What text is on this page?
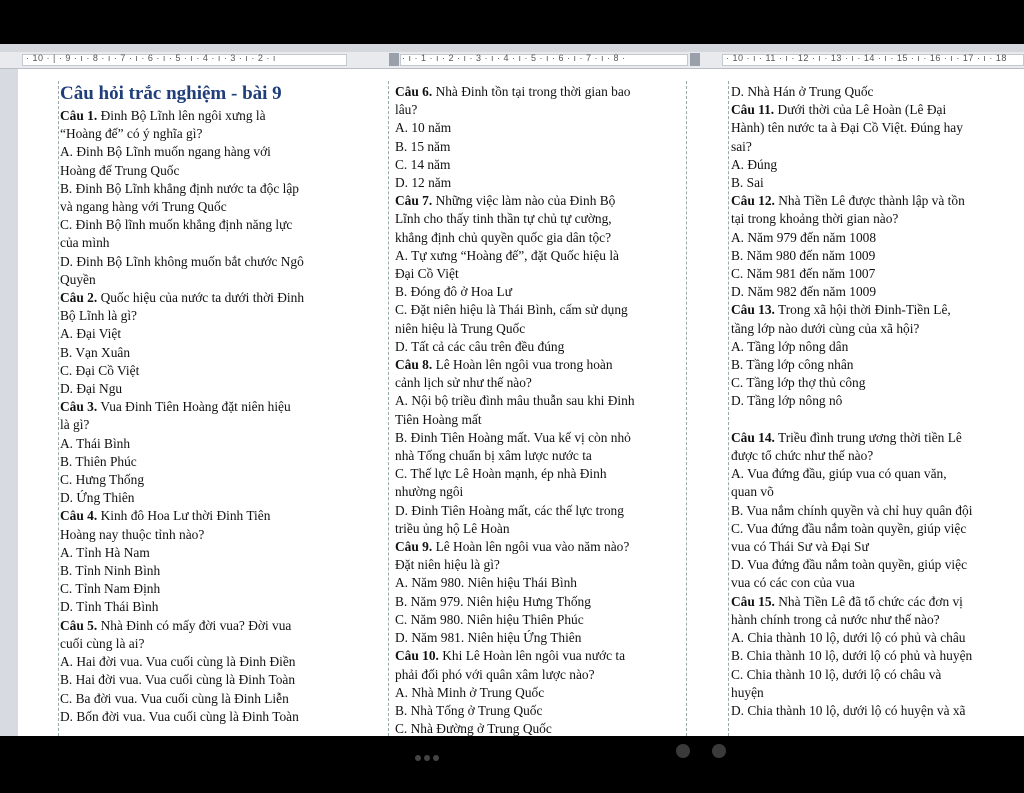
· 10 · | · 9 · ı · 8 · ı · 7 · ı · 6 · ı · 5 · ı · 4 · ı · 3 · ı · 2 · ı	· ı · 1 · ı · 2 · ı · 3 · ı · 4 · ı · 5 · ı · 6 · ı · 7 · ı · 8 ·	· 10 · ı · 11 · ı · 12 · ı · 13 · ı · 14 · ı · 15 · ı · 16 · ı · 17 · ı · 18

Câu hỏi trắc nghiệm - bài 9

Câu 1. Đinh Bộ Lĩnh lên ngôi xưng là

“Hoàng đế” có ý nghĩa gì?

A. Đinh Bộ Lĩnh muốn ngang hàng với

Hoàng đế Trung Quốc

B. Đinh Bộ Lĩnh khẳng định nước ta độc lập

và ngang hàng với Trung Quốc

C. Đinh Bộ lĩnh muốn khẳng định năng lực

của mình

D. Đinh Bộ Lĩnh không muốn bắt chước Ngô

Quyền

Câu 2. Quốc hiệu của nước ta dưới thời Đinh

Bộ Lĩnh là gì?

A. Đại Việt

B. Vạn Xuân

C. Đại Cồ Việt

D. Đại Ngu

Câu 3. Vua Đinh Tiên Hoàng đặt niên hiệu

là gì?

A. Thái Bình

B. Thiên Phúc

C. Hưng Thống

D. Ứng Thiên

Câu 4. Kinh đô Hoa Lư thời Đinh Tiên

Hoàng nay thuộc tỉnh nào?

A. Tỉnh Hà Nam

B. Tỉnh Ninh Bình

C. Tỉnh Nam Định

D. Tỉnh Thái Bình

Câu 5. Nhà Đinh có mấy đời vua? Đời vua

cuối cùng là ai?

A. Hai đời vua. Vua cuối cùng là Đinh Điền

B. Hai đời vua. Vua cuối cùng là Đinh Toàn

C. Ba đời vua. Vua cuối cùng là Đinh Liễn

D. Bốn đời vua. Vua cuối cùng là Đinh Toàn

Câu 6. Nhà Đinh tồn tại trong thời gian bao

lâu?

A. 10 năm

B. 15 năm

C. 14 năm

D. 12 năm

Câu 7. Những việc làm nào của Đinh Bộ

Lĩnh cho thấy tinh thần tự chủ tự cường,

khẳng định chủ quyền quốc gia dân tộc?

A. Tự xưng “Hoàng đế”, đặt Quốc hiệu là

Đại Cồ Việt

B. Đóng đô ở Hoa Lư

C. Đặt niên hiệu là Thái Bình, cấm sử dụng

niên hiệu là Trung Quốc

D. Tất cả các câu trên đều đúng

Câu 8. Lê Hoàn lên ngôi vua trong hoàn

cảnh lịch sử như thế nào?

A. Nội bộ triều đình mâu thuẫn sau khi Đinh

Tiên Hoàng mất

B. Đinh Tiên Hoàng mất. Vua kế vị còn nhỏ

nhà Tống chuẩn bị xâm lược nước ta

C. Thế lực Lê Hoàn mạnh, ép nhà Đinh

nhường ngôi

D. Đinh Tiên Hoàng mất, các thế lực trong

triều ủng hộ Lê Hoàn

Câu 9. Lê Hoàn lên ngôi vua vào năm nào?

Đặt niên hiệu là gì?

A. Năm 980. Niên hiệu Thái Bình

B. Năm 979. Niên hiệu Hưng Thống

C. Năm 980. Niên hiệu Thiên Phúc

D. Năm 981. Niên hiệu Ứng Thiên

Câu 10. Khi Lê Hoàn lên ngôi vua nước ta

phải đối phó với quân xâm lược nào?

A. Nhà Minh ở Trung Quốc

B. Nhà Tống ở Trung Quốc

C. Nhà Đường ở Trung Quốc

D. Nhà Hán ở Trung Quốc

Câu 11. Dưới thời của Lê Hoàn (Lê Đại

Hành) tên nước ta à Đại Cồ Việt. Đúng hay

sai?

A. Đúng

B. Sai

Câu 12. Nhà Tiền Lê được thành lập và tồn

tại trong khoảng thời gian nào?

A. Năm 979 đến năm 1008

B. Năm 980 đến năm 1009

C. Năm 981 đến năm 1007

D. Năm 982 đến năm 1009

Câu 13. Trong xã hội thời Đinh-Tiền Lê,

tầng lớp nào dưới cùng của xã hội?

A. Tầng lớp nông dân

B. Tầng lớp công nhân

C. Tầng lớp thợ thủ công

D. Tầng lớp nông nô

Câu 14. Triều đình trung ương thời tiền Lê

được tổ chức như thế nào?

A. Vua đứng đầu, giúp vua có quan văn,

quan võ

B. Vua nắm chính quyền và chỉ huy quân đội

C. Vua đứng đầu nắm toàn quyền, giúp việc

vua có Thái Sư và Đại Sư

D. Vua đứng đầu nắm toàn quyền, giúp việc

vua có các con của vua

Câu 15. Nhà Tiền Lê đã tổ chức các đơn vị

hành chính trong cả nước như thế nào?

A. Chia thành 10 lộ, dưới lộ có phủ và châu

B. Chia thành 10 lộ, dưới lộ có phủ và huyện

C. Chia thành 10 lộ, dưới lộ có châu và

huyện

D. Chia thành 10 lộ, dưới lộ có huyện và xã
